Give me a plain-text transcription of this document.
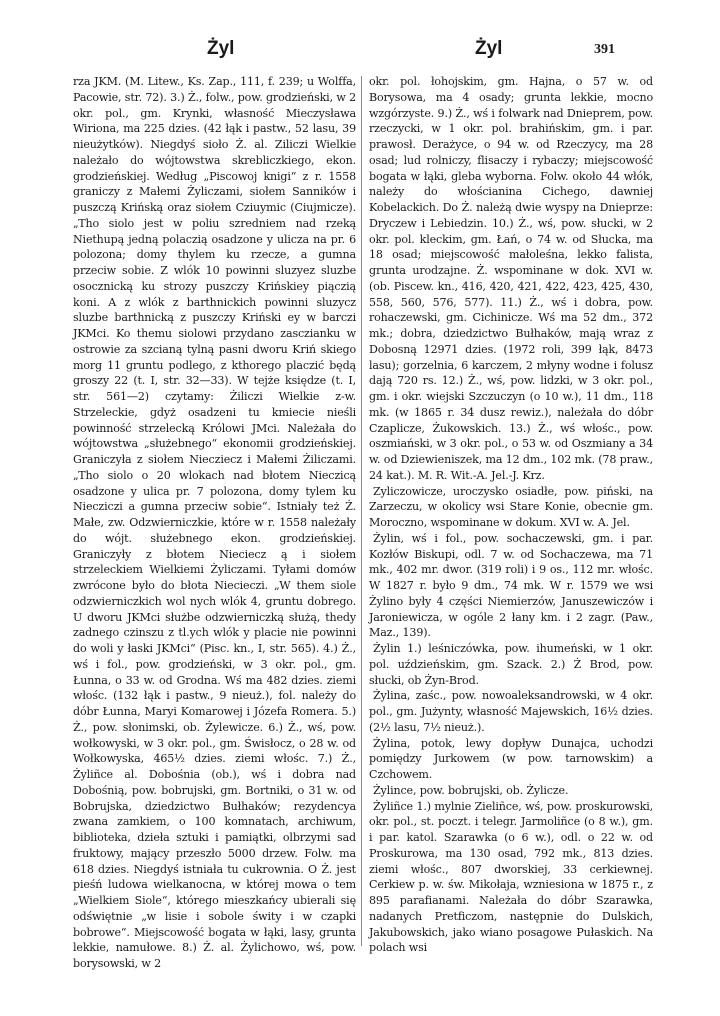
Żyl	Żyl	391

rza JKM. (M. Litew., Ks. Zap., 111, f. 239; u Wolffa, Pacowie, str. 72). 3.) Ż., folw., pow. grodzieński, w 2 okr. pol., gm. Krynki, własność Mieczysława Wiriona, ma 225 dzies. (42 łąk i pastw., 52 lasu, 39 nieużytków). Niegdyś sioło Ż. al. Ziliczi Wielkie należało do wójtowstwa skrebliczkiego, ekon. grodzieńskiej. Według „Piscowoj knigi“ z r. 1558 graniczy z Małemi Żyliczami, siołem Sanników i puszczą Krińską oraz siołem Cziuymic (Ciujmicze). „Tho siolo jest w poliu szredniem nad rzeką Niethupą jedną polaczią osadzone y ulicza na pr. 6 polozona; domy thylem ku rzecze, a gumna przeciw sobie. Z wlók 10 powinni sluzyez sluzbe osocznicką ku strozy puszczy Krińskiey piączią koni. A z wlók z barthnickich powinni sluzycz sluzbe barthnicką z puszczy Kriński ey w barczi JKMci. Ko themu siolowi przydano zasczianku w ostrowie za szcianą tylną pasni dworu Kriń skiego morg 11 gruntu podlego, z kthorego placzić będą groszy 22 (t. I, str. 32—33). W tejże księdze (t. I, str. 561—2) czytamy: Żiliczi Wielkie z-w. Strzeleckie, gdyż osadzeni tu kmiecie nieśli powinność strzelecką Królowi JMci. Należała do wójtowstwa „służebnego“ ekonomii grodzieńskiej. Graniczyła z siołem Niecziecz i Małemi Żiliczami. „Tho siolo o 20 wlokach nad błotem Nieczicą osadzone y ulica pr. 7 polozona, domy tylem ku Niecziczi a gumna przeciw sobie“. Istniały też Ż. Małe, zw. Odzwierniczkie, które w r. 1558 należały do wójt. służebnego ekon. grodzieńskiej. Graniczyły z błotem Nieciecz ą i siołem strzeleckiem Wielkiemi Żyliczami. Tyłami domów zwrócone było do błota Niecieczi. „W them siole odzwierniczkich wol nych wlók 4, gruntu dobrego. U dworu JKMci służbe odzwierniczką służą, thedy zadnego czinszu z tl.ych wlók y placie nie powinni do woli y łaski JKMci“ (Pisc. kn., I, str. 565). 4.) Ż., wś i fol., pow. grodzieński, w 3 okr. pol., gm. Łunna, o 33 w. od Grodna. Wś ma 482 dzies. ziemi włośc. (132 łąk i pastw., 9 nieuż.), fol. należy do dóbr Łunna, Maryi Komarowej i Józefa Romera. 5.) Ż., pow. słonimski, ob. Żylewicze. 6.) Ż., wś, pow. wołkowyski, w 3 okr. pol., gm. Świsłocz, o 28 w. od Wołkowyska, 465½ dzies. ziemi włośc. 7.) Ż., Żyliñce al. Dobośnia (ob.), wś i dobra nad Dobośnią, pow. bobrujski, gm. Bortniki, o 31 w. od Bobrujska, dziedzictwo Bułhaków; rezydencya zwana zamkiem, o 100 komnatach, archiwum, biblioteka, dzieła sztuki i pamiątki, olbrzymi sad fruktowy, mający przeszło 5000 drzew. Folw. ma 618 dzies. Niegdyś istniała tu cukrownia. O Ż. jest pieśń ludowa wielkanocna, w której mowa o tem „Wielkiem Siole“, którego mieszkańcy ubierali się odświętnie „w lisie i sobole świty i w czapki bobrowe“. Miejscowość bogata w łąki, lasy, grunta lekkie, namułowe. 8.) Ż. al. Żylichowo, wś, pow. borysowski, w 2

okr. pol. łohojskim, gm. Hajna, o 57 w. od Borysowa, ma 4 osady; grunta lekkie, mocno wzgórzyste. 9.) Ż., wś i folwark nad Dnieprem, pow. rzeczycki, w 1 okr. pol. brahińskim, gm. i par. prawosł. Derażyce, o 94 w. od Rzeczycy, ma 28 osad; lud rolniczy, flisaczy i rybaczy; miejscowość bogata w łąki, gleba wyborna. Folw. około 44 włók, należy do włościanina Cichego, dawniej Kobelackich. Do Ż. należą dwie wyspy na Dnieprze: Dryczew i Lebiedzin. 10.) Ż., wś, pow. słucki, w 2 okr. pol. kleckim, gm. Łań, o 74 w. od Słucka, ma 18 osad; miejscowość małoleśna, lekko falista, grunta urodzajne. Ż. wspominane w dok. XVI w. (ob. Piscew. kn., 416, 420, 421, 422, 423, 425, 430, 558, 560, 576, 577). 11.) Ż., wś i dobra, pow. rohaczewski, gm. Cichinicze. Wś ma 52 dm., 372 mk.; dobra, dziedzictwo Bułhaków, mają wraz z Dobosną 12971 dzies. (1972 roli, 399 łąk, 8473 lasu); gorzelnia, 6 karczem, 2 młyny wodne i folusz dają 720 rs. 12.) Ż., wś, pow. lidzki, w 3 okr. pol., gm. i okr. wiejski Szczuczyn (o 10 w.), 11 dm., 118 mk. (w 1865 r. 34 dusz rewiz.), należała do dóbr Czaplicze, Żukowskich. 13.) Ż., wś włośc., pow. oszmiański, w 3 okr. pol., o 53 w. od Oszmiany a 34 w. od Dziewieniszek, ma 12 dm., 102 mk. (78 praw., 24 kat.). M. R. Wit.-A. Jel.-J. Krz.

Zyliczowicze, uroczysko osiadłe, pow. piński, na Zarzeczu, w okolicy wsi Stare Konie, obecnie gm. Moroczno, wspominane w dokum. XVI w. A. Jel.

Żylin, wś i fol., pow. sochaczewski, gm. i par. Kozłów Biskupi, odl. 7 w. od Sochaczewa, ma 71 mk., 402 mr. dwor. (319 roli) i 9 os., 112 mr. włośc. W 1827 r. było 9 dm., 74 mk. W r. 1579 we wsi Żylino były 4 części Niemierzów, Januszewiczów i Jaroniewicza, w ogóle 2 łany km. i 2 zagr. (Paw., Maz., 139).

Żylin 1.) leśniczówka, pow. ihumeński, w 1 okr. pol. uździeńskim, gm. Szack. 2.) Ż Brod, pow. słucki, ob Żyn-Brod.

Żylina, zaśc., pow. nowoaleksandrowski, w 4 okr. pol., gm. Jużynty, własność Majewskich, 16½ dzies. (2½ lasu, 7½ nieuż.).

Żylina, potok, lewy dopływ Dunajca, uchodzi pomiędzy Jurkowem (w pow. tarnowskim) a Czchowem.

Żylince, pow. bobrujski, ob. Żylicze.

Żyliñce 1.) mylnie Zieliñce, wś, pow. proskurowski, okr. pol., st. poczt. i telegr. Jarmoliñce (o 8 w.), gm. i par. katol. Szarawka (o 6 w.), odl. o 22 w. od Proskurowa, ma 130 osad, 792 mk., 813 dzies. ziemi włośc., 807 dworskiej, 33 cerkiewnej. Cerkiew p. w. św. Mikołaja, wzniesiona w 1875 r., z 895 parafianami. Należała do dóbr Szarawka, nadanych Pretficzom, następnie do Dulskich, Jakubowskich, jako wiano posagowe Pułaskich. Na polach wsi
